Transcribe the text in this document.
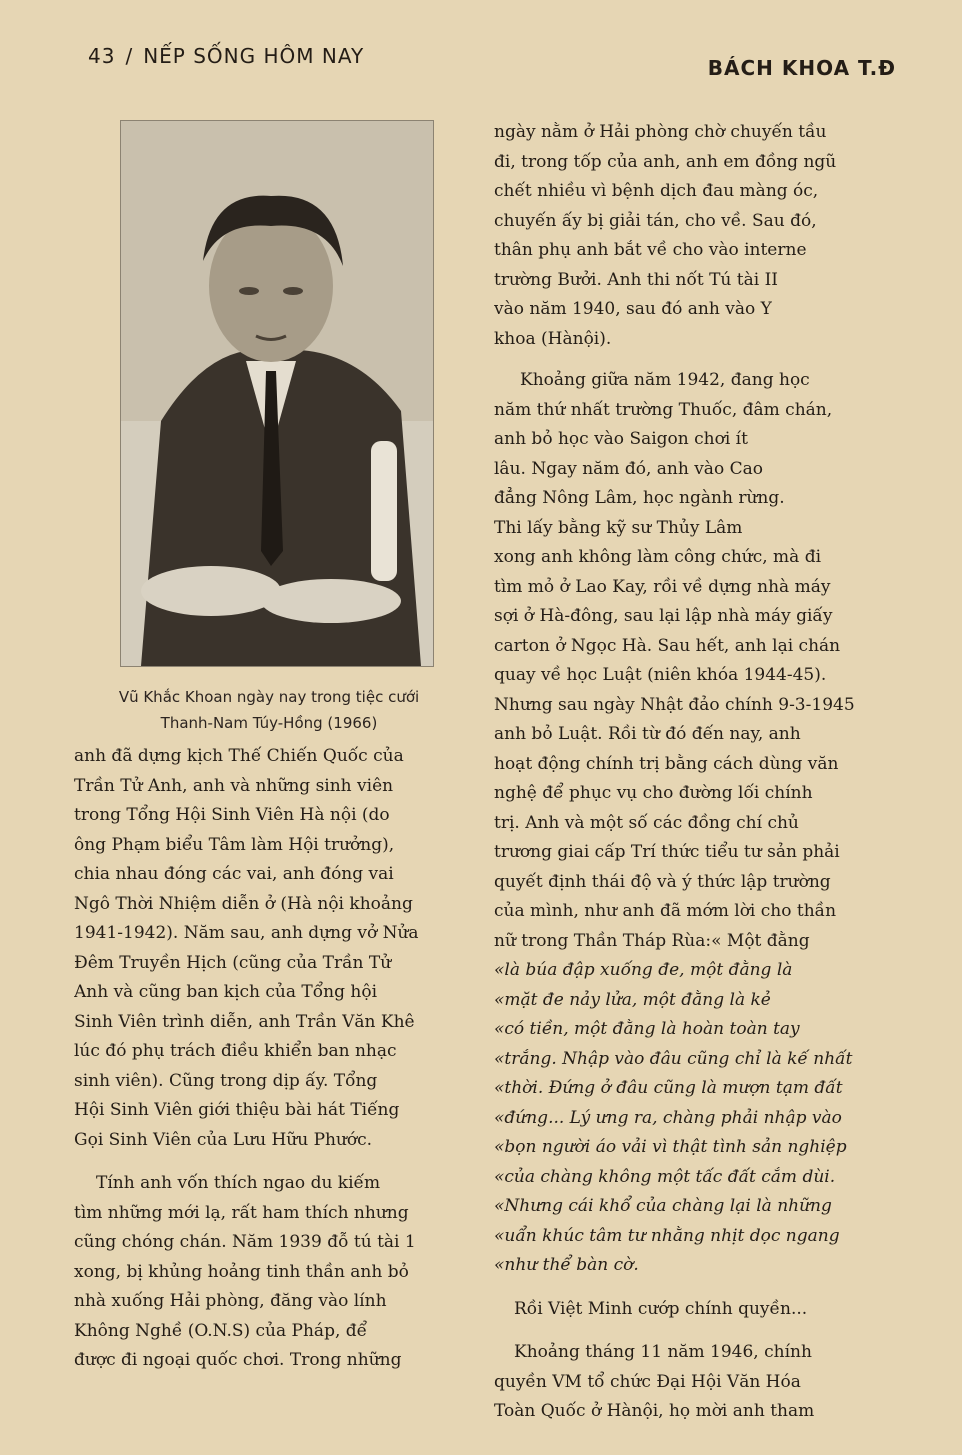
43 / NẾP SỐNG HÔM NAY	BÁCH KHOA T.Đ
Vũ Khắc Khoan ngày nay trong tiệc cưới
Thanh-Nam Túy-Hồng (1966)

anh đã dựng kịch Thế Chiến Quốc của
Trần Tử Anh, anh và những sinh viên
trong Tổng Hội Sinh Viên Hà nội (do
ông Phạm biểu Tâm làm Hội trưởng),
chia nhau đóng các vai, anh đóng vai
Ngô Thời Nhiệm diễn ở (Hà nội khoảng
1941-1942). Năm sau, anh dựng vở Nửa
Đêm Truyền Hịch (cũng của Trần Tử
Anh và cũng ban kịch của Tổng hội
Sinh Viên trình diễn, anh Trần Văn Khê
lúc đó phụ trách điều khiển ban nhạc
sinh viên). Cũng trong dịp ấy. Tổng
Hội Sinh Viên giới thiệu bài hát Tiếng
Gọi Sinh Viên của Lưu Hữu Phước.

Tính anh vốn thích ngao du kiếm
tìm những mới lạ, rất ham thích nhưng
cũng chóng chán. Năm 1939 đỗ tú tài 1
xong, bị khủng hoảng tinh thần anh bỏ
nhà xuống Hải phòng, đăng vào lính
Không Nghề (O.N.S) của Pháp, để
được đi ngoại quốc chơi. Trong những

ngày nằm ở Hải phòng chờ chuyến tầu
đi, trong tốp của anh, anh em đồng ngũ
chết nhiều vì bệnh dịch đau màng óc,
chuyến ấy bị giải tán, cho về. Sau đó,
thân phụ anh bắt về cho vào interne
trường Bưởi. Anh thi nốt Tú tài II
vào năm 1940, sau đó anh vào Y
khoa (Hànội).

Khoảng giữa năm 1942, đang học
năm thứ nhất trường Thuốc, đâm chán,
anh bỏ học vào Saigon chơi ít
lâu. Ngay năm đó, anh vào Cao
đẳng Nông Lâm, học ngành rừng.
Thi lấy bằng kỹ sư Thủy Lâm
xong anh không làm công chức, mà đi
tìm mỏ ở Lao Kay, rồi về dựng nhà máy
sợi ở Hà-đông, sau lại lập nhà máy giấy
carton ở Ngọc Hà. Sau hết, anh lại chán
quay về học Luật (niên khóa 1944-45).
Nhưng sau ngày Nhật đảo chính 9-3-1945
anh bỏ Luật. Rồi từ đó đến nay, anh
hoạt động chính trị bằng cách dùng văn
nghệ để phục vụ cho đường lối chính
trị. Anh và một số các đồng chí chủ
trương giai cấp Trí thức tiểu tư sản phải
quyết định thái độ và ý thức lập trường
của mình, như anh đã mớm lời cho thần
nữ trong Thần Tháp Rùa:« Một đằng

«là búa đập xuống đe, một đằng là
«mặt đe nảy lửa, một đằng là kẻ
«có tiền, một đằng là hoàn toàn tay
«trắng. Nhập vào đâu cũng chỉ là kế nhất
«thời. Đứng ở đâu cũng là mượn tạm đất
«đứng... Lý ưng ra, chàng phải nhập vào
«bọn người áo vải vì thật tình sản nghiệp
«của chàng không một tấc đất cắm dùi.
«Nhưng cái khổ của chàng lại là những
«uẩn khúc tâm tư nhằng nhịt dọc ngang
«như thể bàn cờ.

Rồi Việt Minh cướp chính quyền...

Khoảng tháng 11 năm 1946, chính
quyền VM tổ chức Đại Hội Văn Hóa
Toàn Quốc ở Hànội, họ mời anh tham
